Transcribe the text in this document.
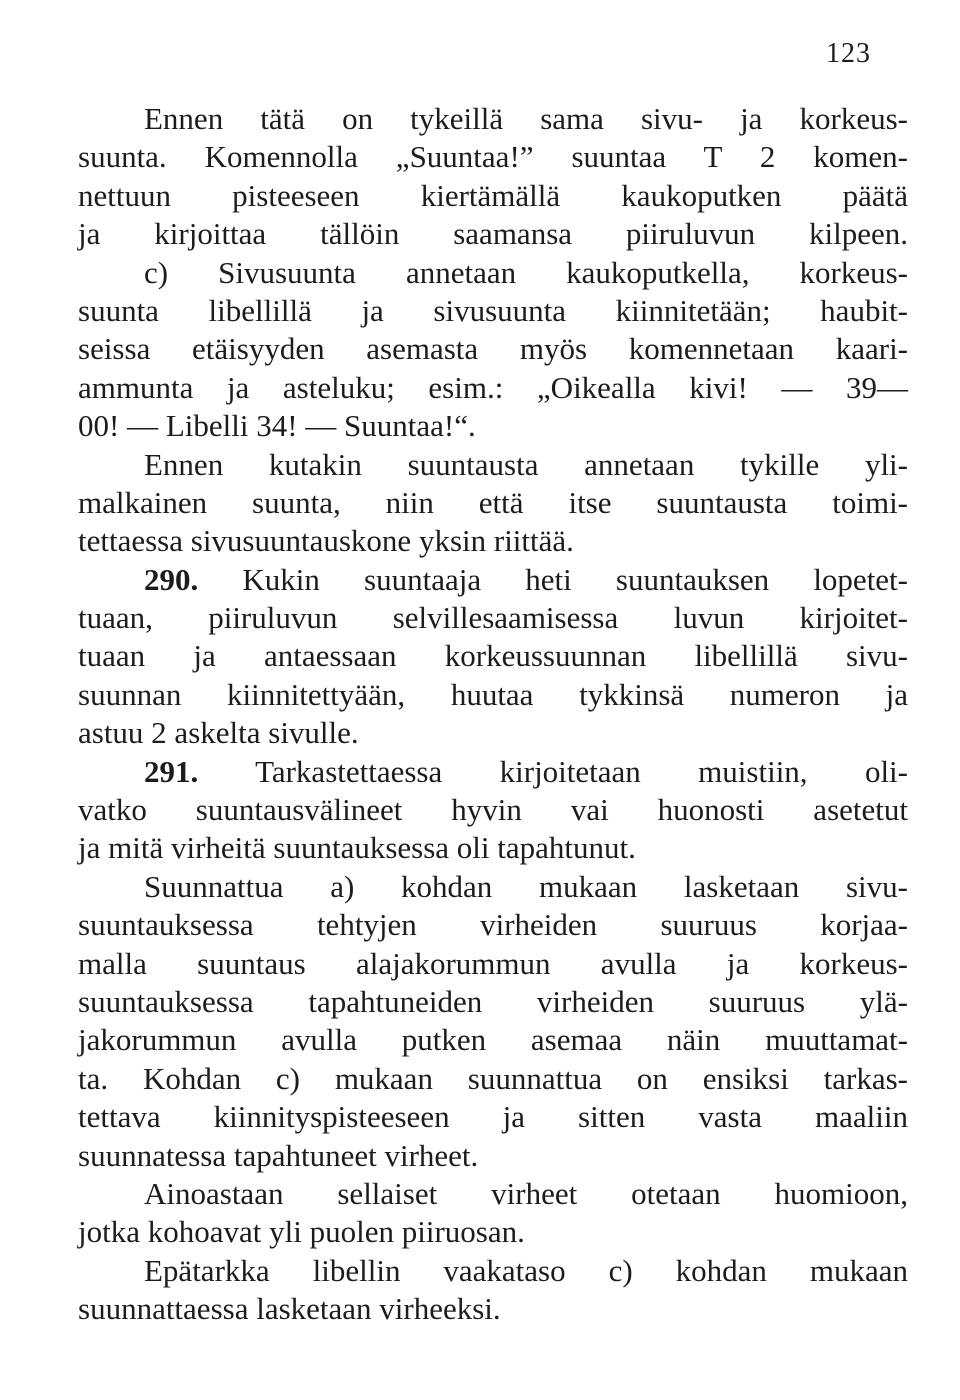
123
Ennen tätä on tykeillä sama sivu- ja korkeus-
suunta. Komennolla „Suuntaa!” suuntaa T 2 komen-
nettuun pisteeseen kiertämällä kaukoputken päätä
ja kirjoittaa tällöin saamansa piiruluvun kilpeen.
c) Sivusuunta annetaan kaukoputkella, korkeus-
suunta libellillä ja sivusuunta kiinnitetään; haubit-
seissa etäisyyden asemasta myös komennetaan kaari-
ammunta ja asteluku; esim.: „Oikealla kivi! — 39—
00! — Libelli 34! — Suuntaa!“.
Ennen kutakin suuntausta annetaan tykille yli-
malkainen suunta, niin että itse suuntausta toimi-
tettaessa sivusuuntauskone yksin riittää.
290. Kukin suuntaaja heti suuntauksen lopetet-
tuaan, piiruluvun selvillesaamisessa luvun kirjoitet-
tuaan ja antaessaan korkeussuunnan libellillä sivu-
suunnan kiinnitettyään, huutaa tykkinsä numeron ja
astuu 2 askelta sivulle.
291. Tarkastettaessa kirjoitetaan muistiin, oli-
vatko suuntausvälineet hyvin vai huonosti asetetut
ja mitä virheitä suuntauksessa oli tapahtunut.
Suunnattua a) kohdan mukaan lasketaan sivu-
suuntauksessa tehtyjen virheiden suuruus korjaa-
malla suuntaus alajakorummun avulla ja korkeus-
suuntauksessa tapahtuneiden virheiden suuruus ylä-
jakorummun avulla putken asemaa näin muuttamat-
ta. Kohdan c) mukaan suunnattua on ensiksi tarkas-
tettava kiinnityspisteeseen ja sitten vasta maaliin
suunnatessa tapahtuneet virheet.
Ainoastaan sellaiset virheet otetaan huomioon,
jotka kohoavat yli puolen piiruosan.
Epätarkka libellin vaakataso c) kohdan mukaan
suunnattaessa lasketaan virheeksi.
